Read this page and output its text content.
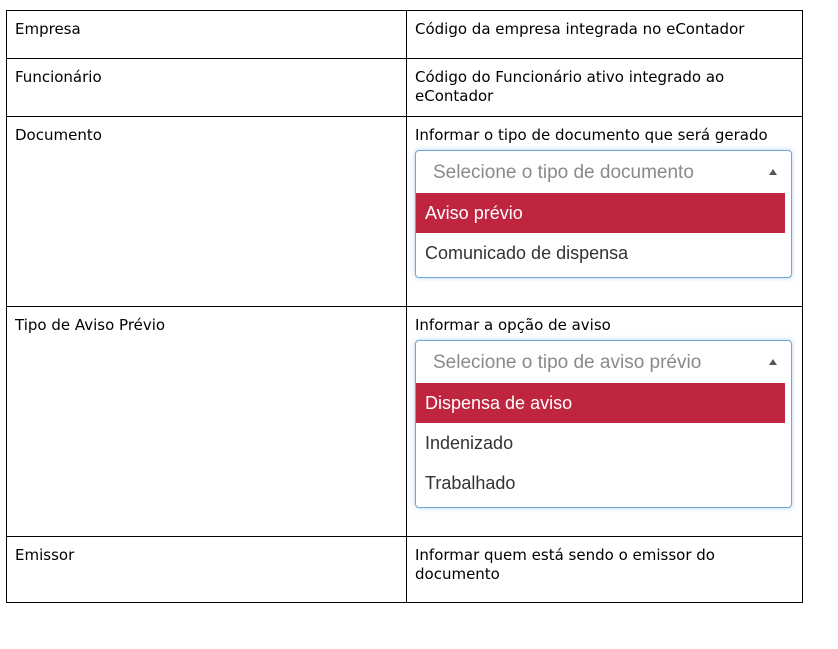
Empresa	Código da empresa integrada no eContador
Funcionário	Código do Funcionário ativo integrado ao eContador
Documento	Informar o tipo de documento que será gerado
Selecione o tipo de documento
Aviso prévio
Comunicado de dispensa

Tipo de Aviso Prévio	Informar a opção de aviso
Selecione o tipo de aviso prévio
Dispensa de aviso
Indenizado
Trabalhado

Emissor	Informar quem está sendo o emissor do documento
